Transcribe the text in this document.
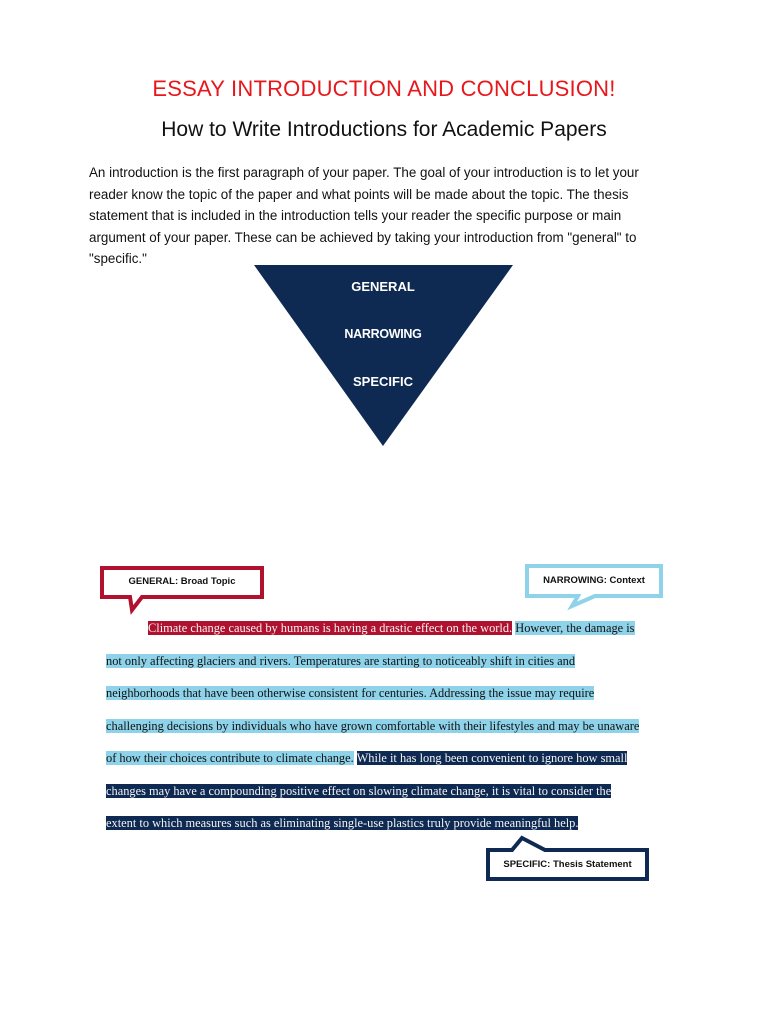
ESSAY INTRODUCTION AND CONCLUSION!
How to Write Introductions for Academic Papers

An introduction is the first paragraph of your paper. The goal of your introduction is to let your reader know the topic of the paper and what points will be made about the topic. The thesis statement that is included in the introduction tells your reader the specific purpose or main argument of your paper. These can be achieved by taking your introduction from "general" to "specific."

GENERAL
NARROWING
SPECIFIC
GENERAL: Broad Topic	NARROWING: Context
SPECIFIC: Thesis Statement

Climate change caused by humans is having a drastic effect on the world. However, the damage is not only affecting glaciers and rivers. Temperatures are starting to noticeably shift in cities and neighborhoods that have been otherwise consistent for centuries. Addressing the issue may require challenging decisions by individuals who have grown comfortable with their lifestyles and may be unaware of how their choices contribute to climate change. While it has long been convenient to ignore how small changes may have a compounding positive effect on slowing climate change, it is vital to consider the extent to which measures such as eliminating single-use plastics truly provide meaningful help.
